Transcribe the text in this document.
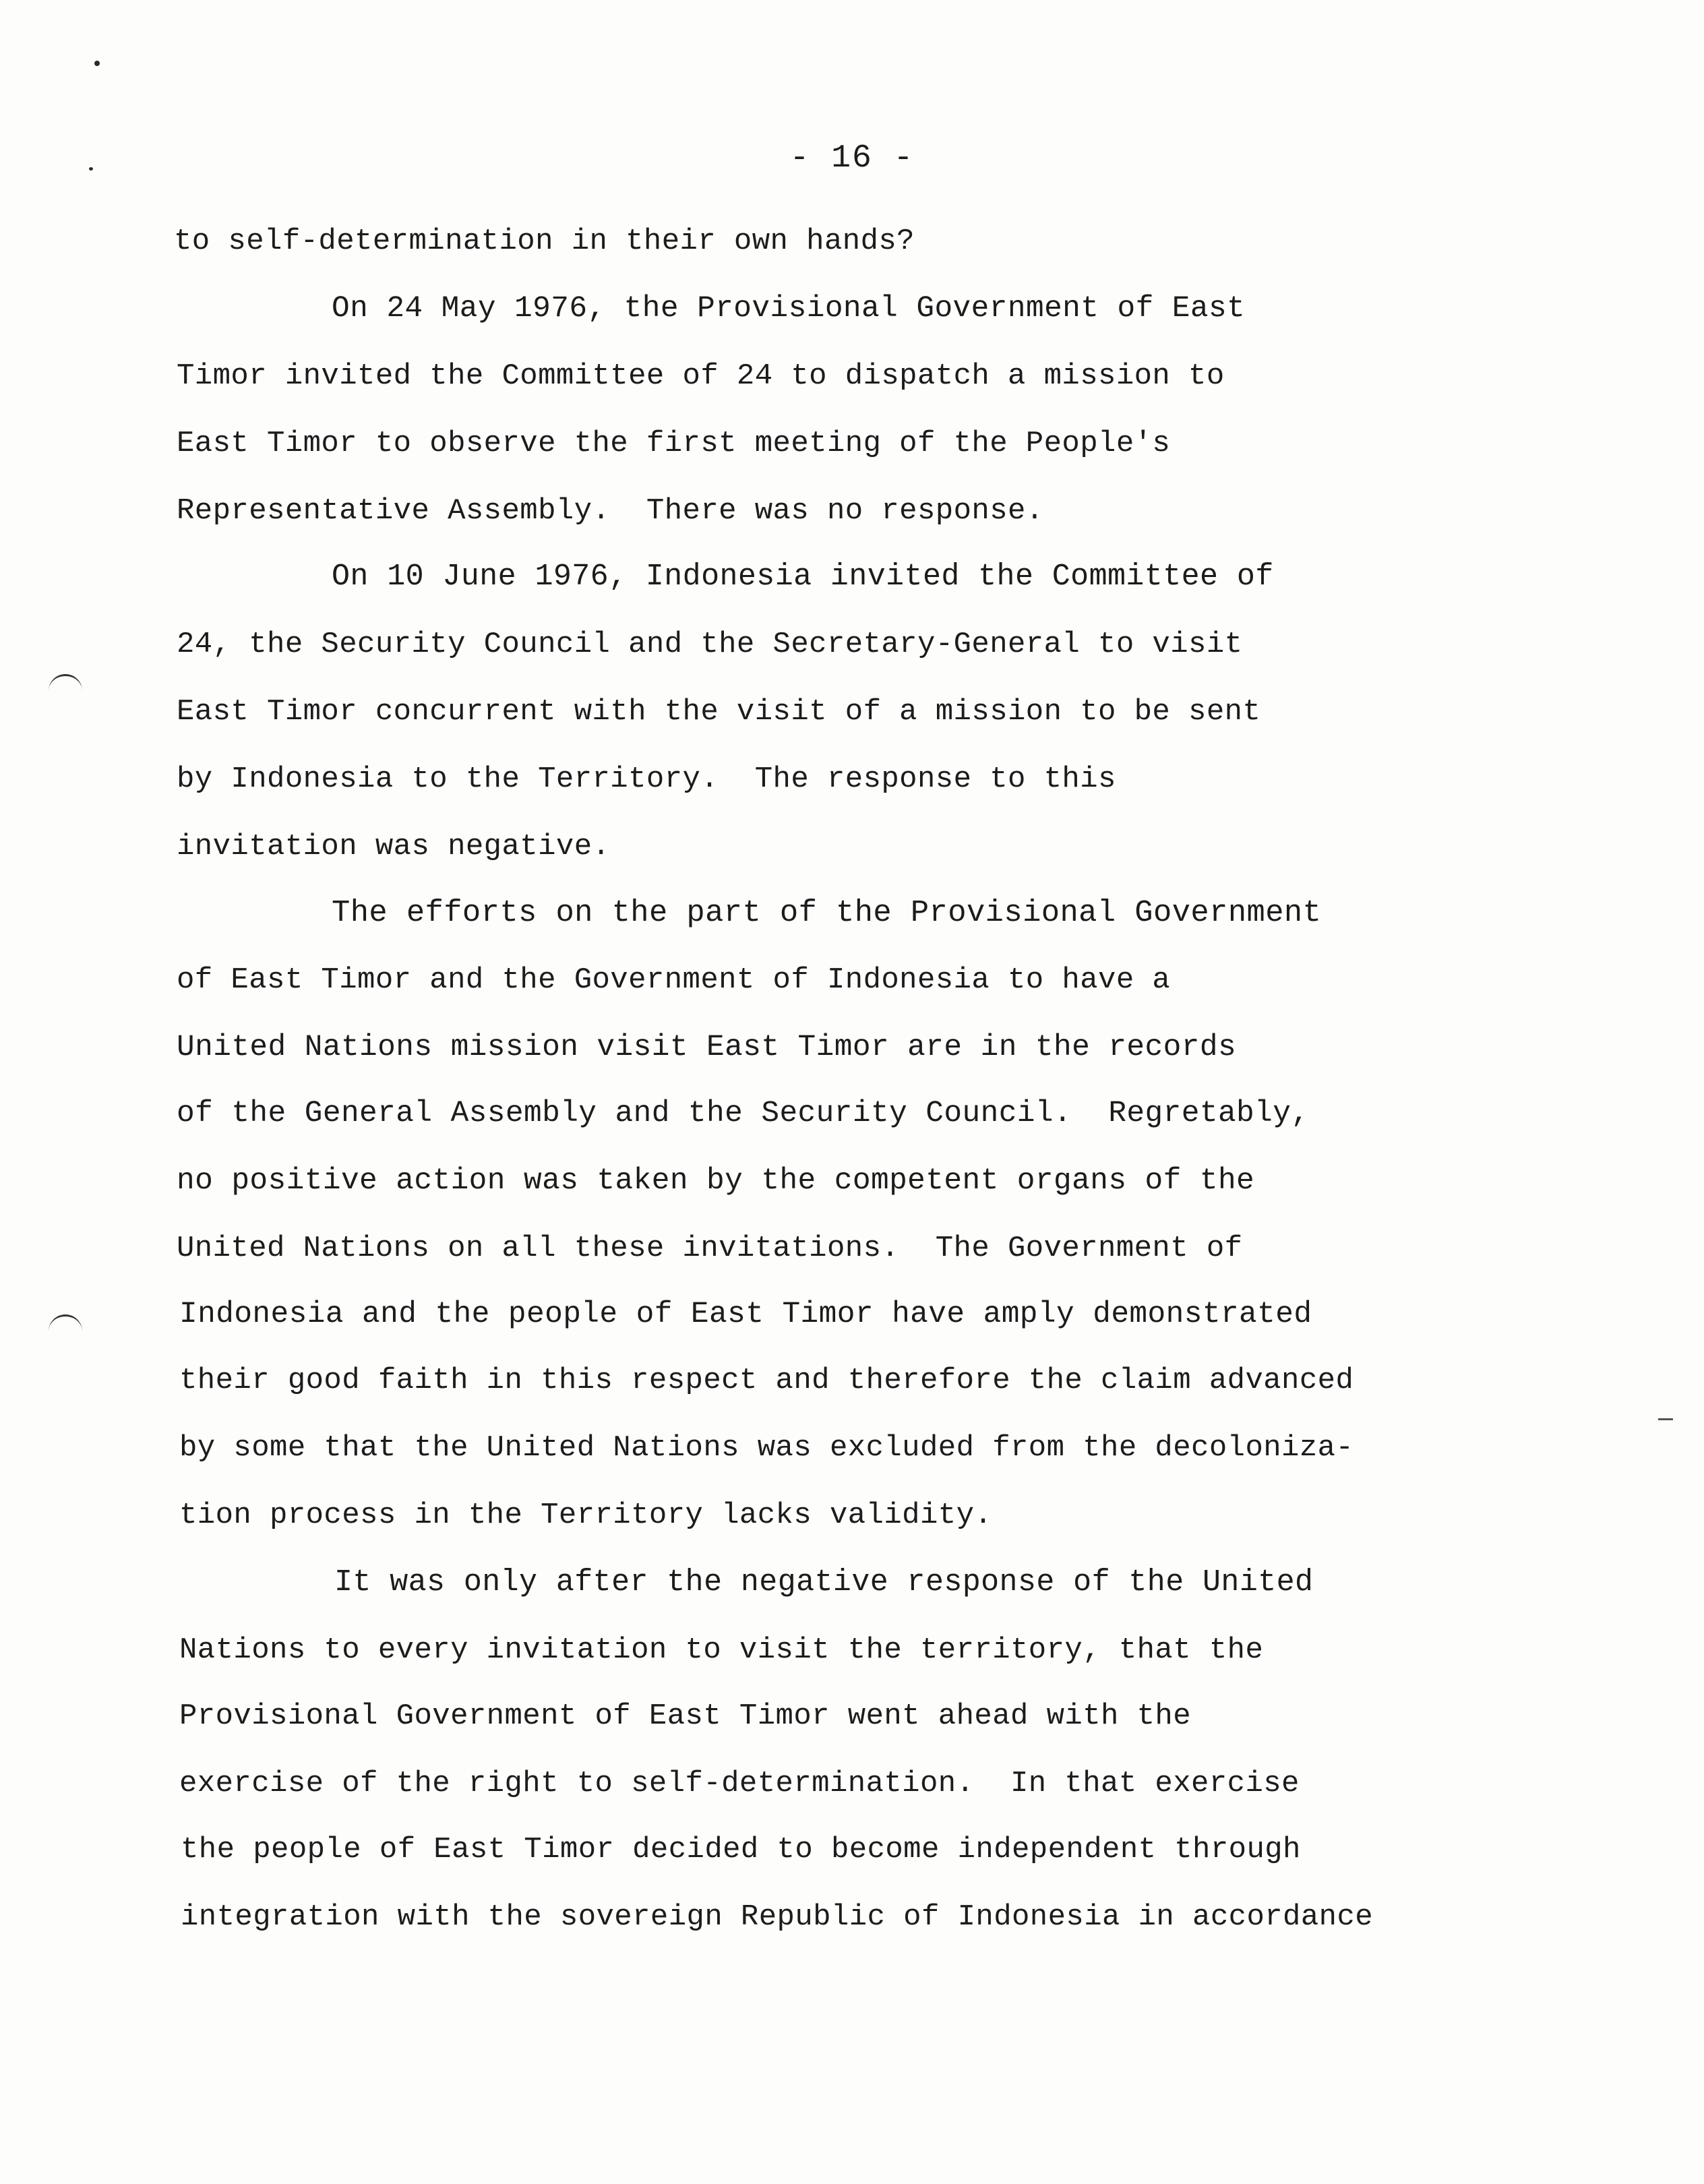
- 16 -
to self-determination in their own hands?
On 24 May 1976, the Provisional Government of East
Timor invited the Committee of 24 to dispatch a mission to
East Timor to observe the first meeting of the People's
Representative Assembly.  There was no response.
On 10 June 1976, Indonesia invited the Committee of
24, the Security Council and the Secretary-General to visit
East Timor concurrent with the visit of a mission to be sent
by Indonesia to the Territory.  The response to this
invitation was negative.
The efforts on the part of the Provisional Government
of East Timor and the Government of Indonesia to have a
United Nations mission visit East Timor are in the records
of the General Assembly and the Security Council.  Regretably,
no positive action was taken by the competent organs of the
United Nations on all these invitations.  The Government of
Indonesia and the people of East Timor have amply demonstrated
their good faith in this respect and therefore the claim advanced
by some that the United Nations was excluded from the decoloniza-
tion process in the Territory lacks validity.
It was only after the negative response of the United
Nations to every invitation to visit the territory, that the
Provisional Government of East Timor went ahead with the
exercise of the right to self-determination.  In that exercise
the people of East Timor decided to become independent through
integration with the sovereign Republic of Indonesia in accordance
